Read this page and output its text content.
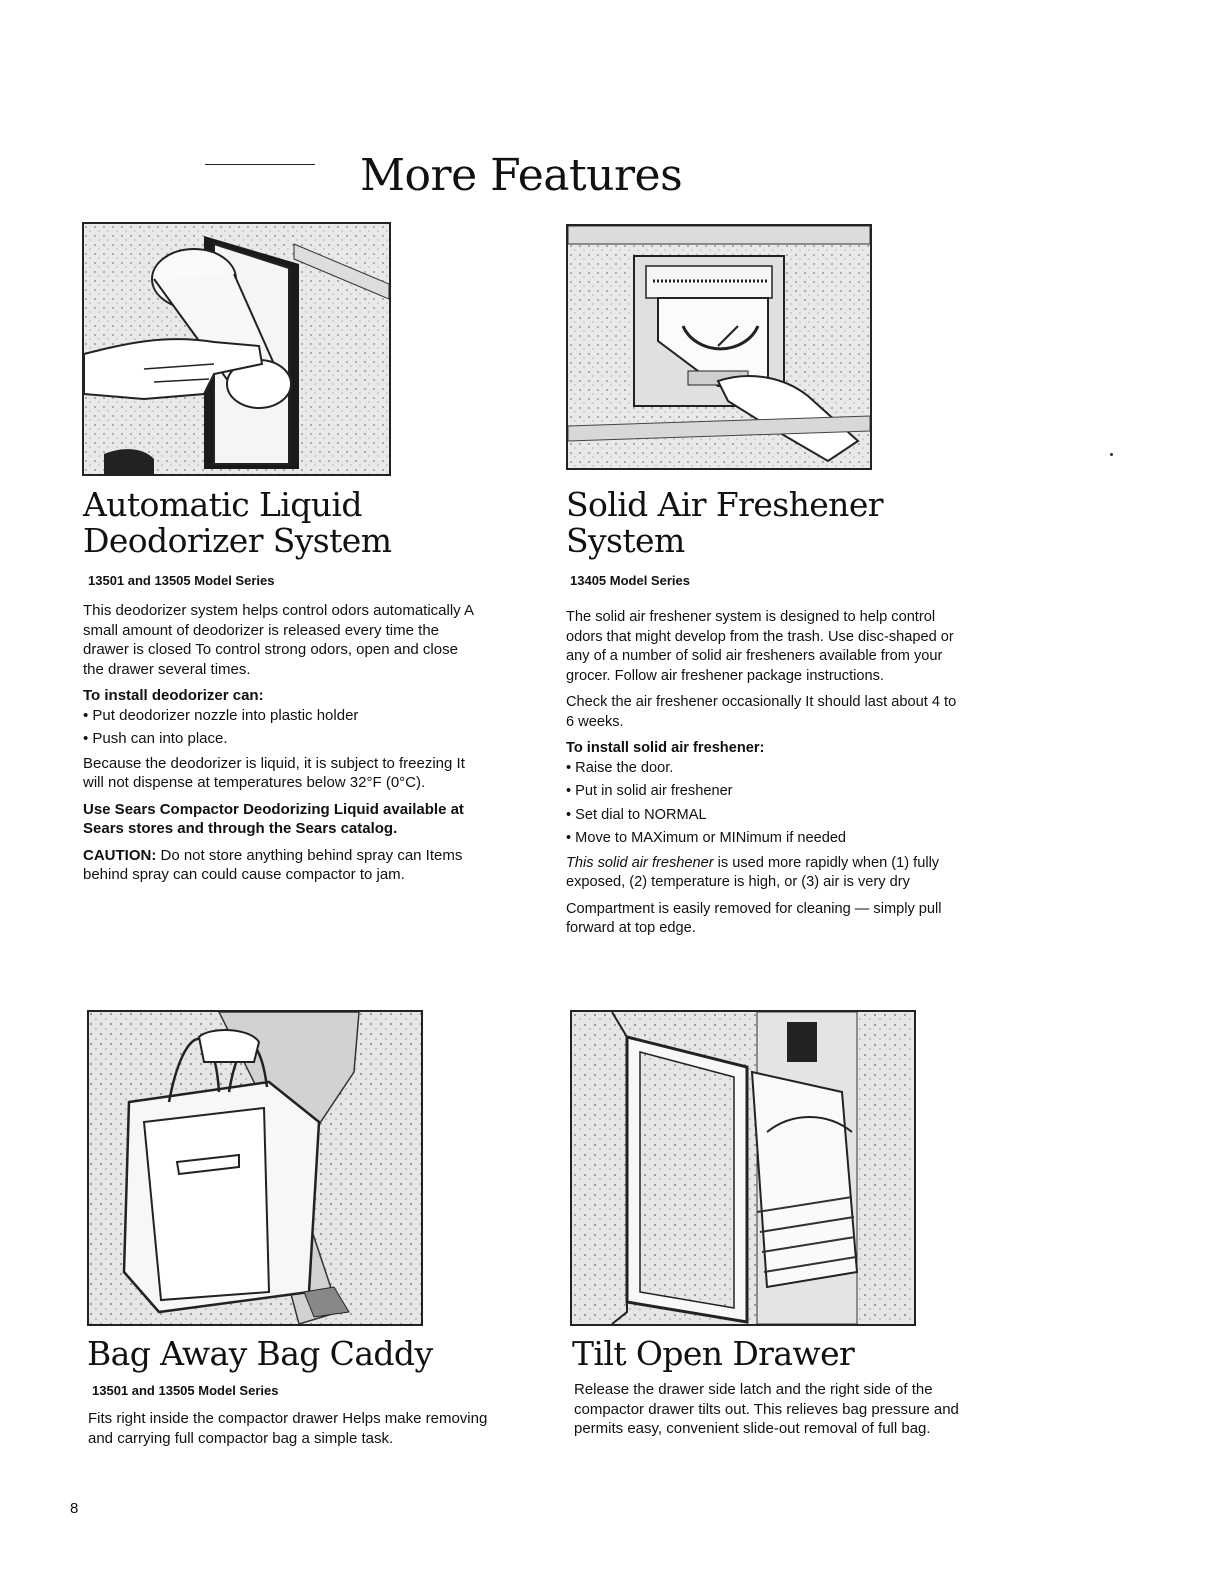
More Features
Automatic Liquid
Deodorizer System
13501 and 13505 Model Series

This deodorizer system helps control odors automatically A small amount of deodorizer is released every time the drawer is closed To control strong odors, open and close the drawer several times.

To install deodorizer can:
• Put deodorizer nozzle into plastic holder
• Push can into place.

Because the deodorizer is liquid, it is subject to freezing It will not dispense at temperatures below 32°F (0°C).

Use Sears Compactor Deodorizing Liquid available at Sears stores and through the Sears catalog.

CAUTION: Do not store anything behind spray can Items behind spray can could cause compactor to jam.

Solid Air Freshener
System
13405 Model Series

The solid air freshener system is designed to help control odors that might develop from the trash. Use disc-shaped or any of a number of solid air fresheners available from your grocer. Follow air freshener package instructions.

Check the air freshener occasionally It should last about 4 to 6 weeks.

To install solid air freshener:
• Raise the door.
• Put in solid air freshener
• Set dial to NORMAL
• Move to MAXimum or MINimum if needed

This solid air freshener is used more rapidly when (1) fully exposed, (2) temperature is high, or (3) air is very dry

Compartment is easily removed for cleaning — simply pull forward at top edge.

Bag Away Bag Caddy
13501 and 13505 Model Series

Fits right inside the compactor drawer Helps make removing and carrying full compactor bag a simple task.

Tilt Open Drawer

Release the drawer side latch and the right side of the compactor drawer tilts out. This relieves bag pressure and permits easy, convenient slide-out removal of full bag.

8
